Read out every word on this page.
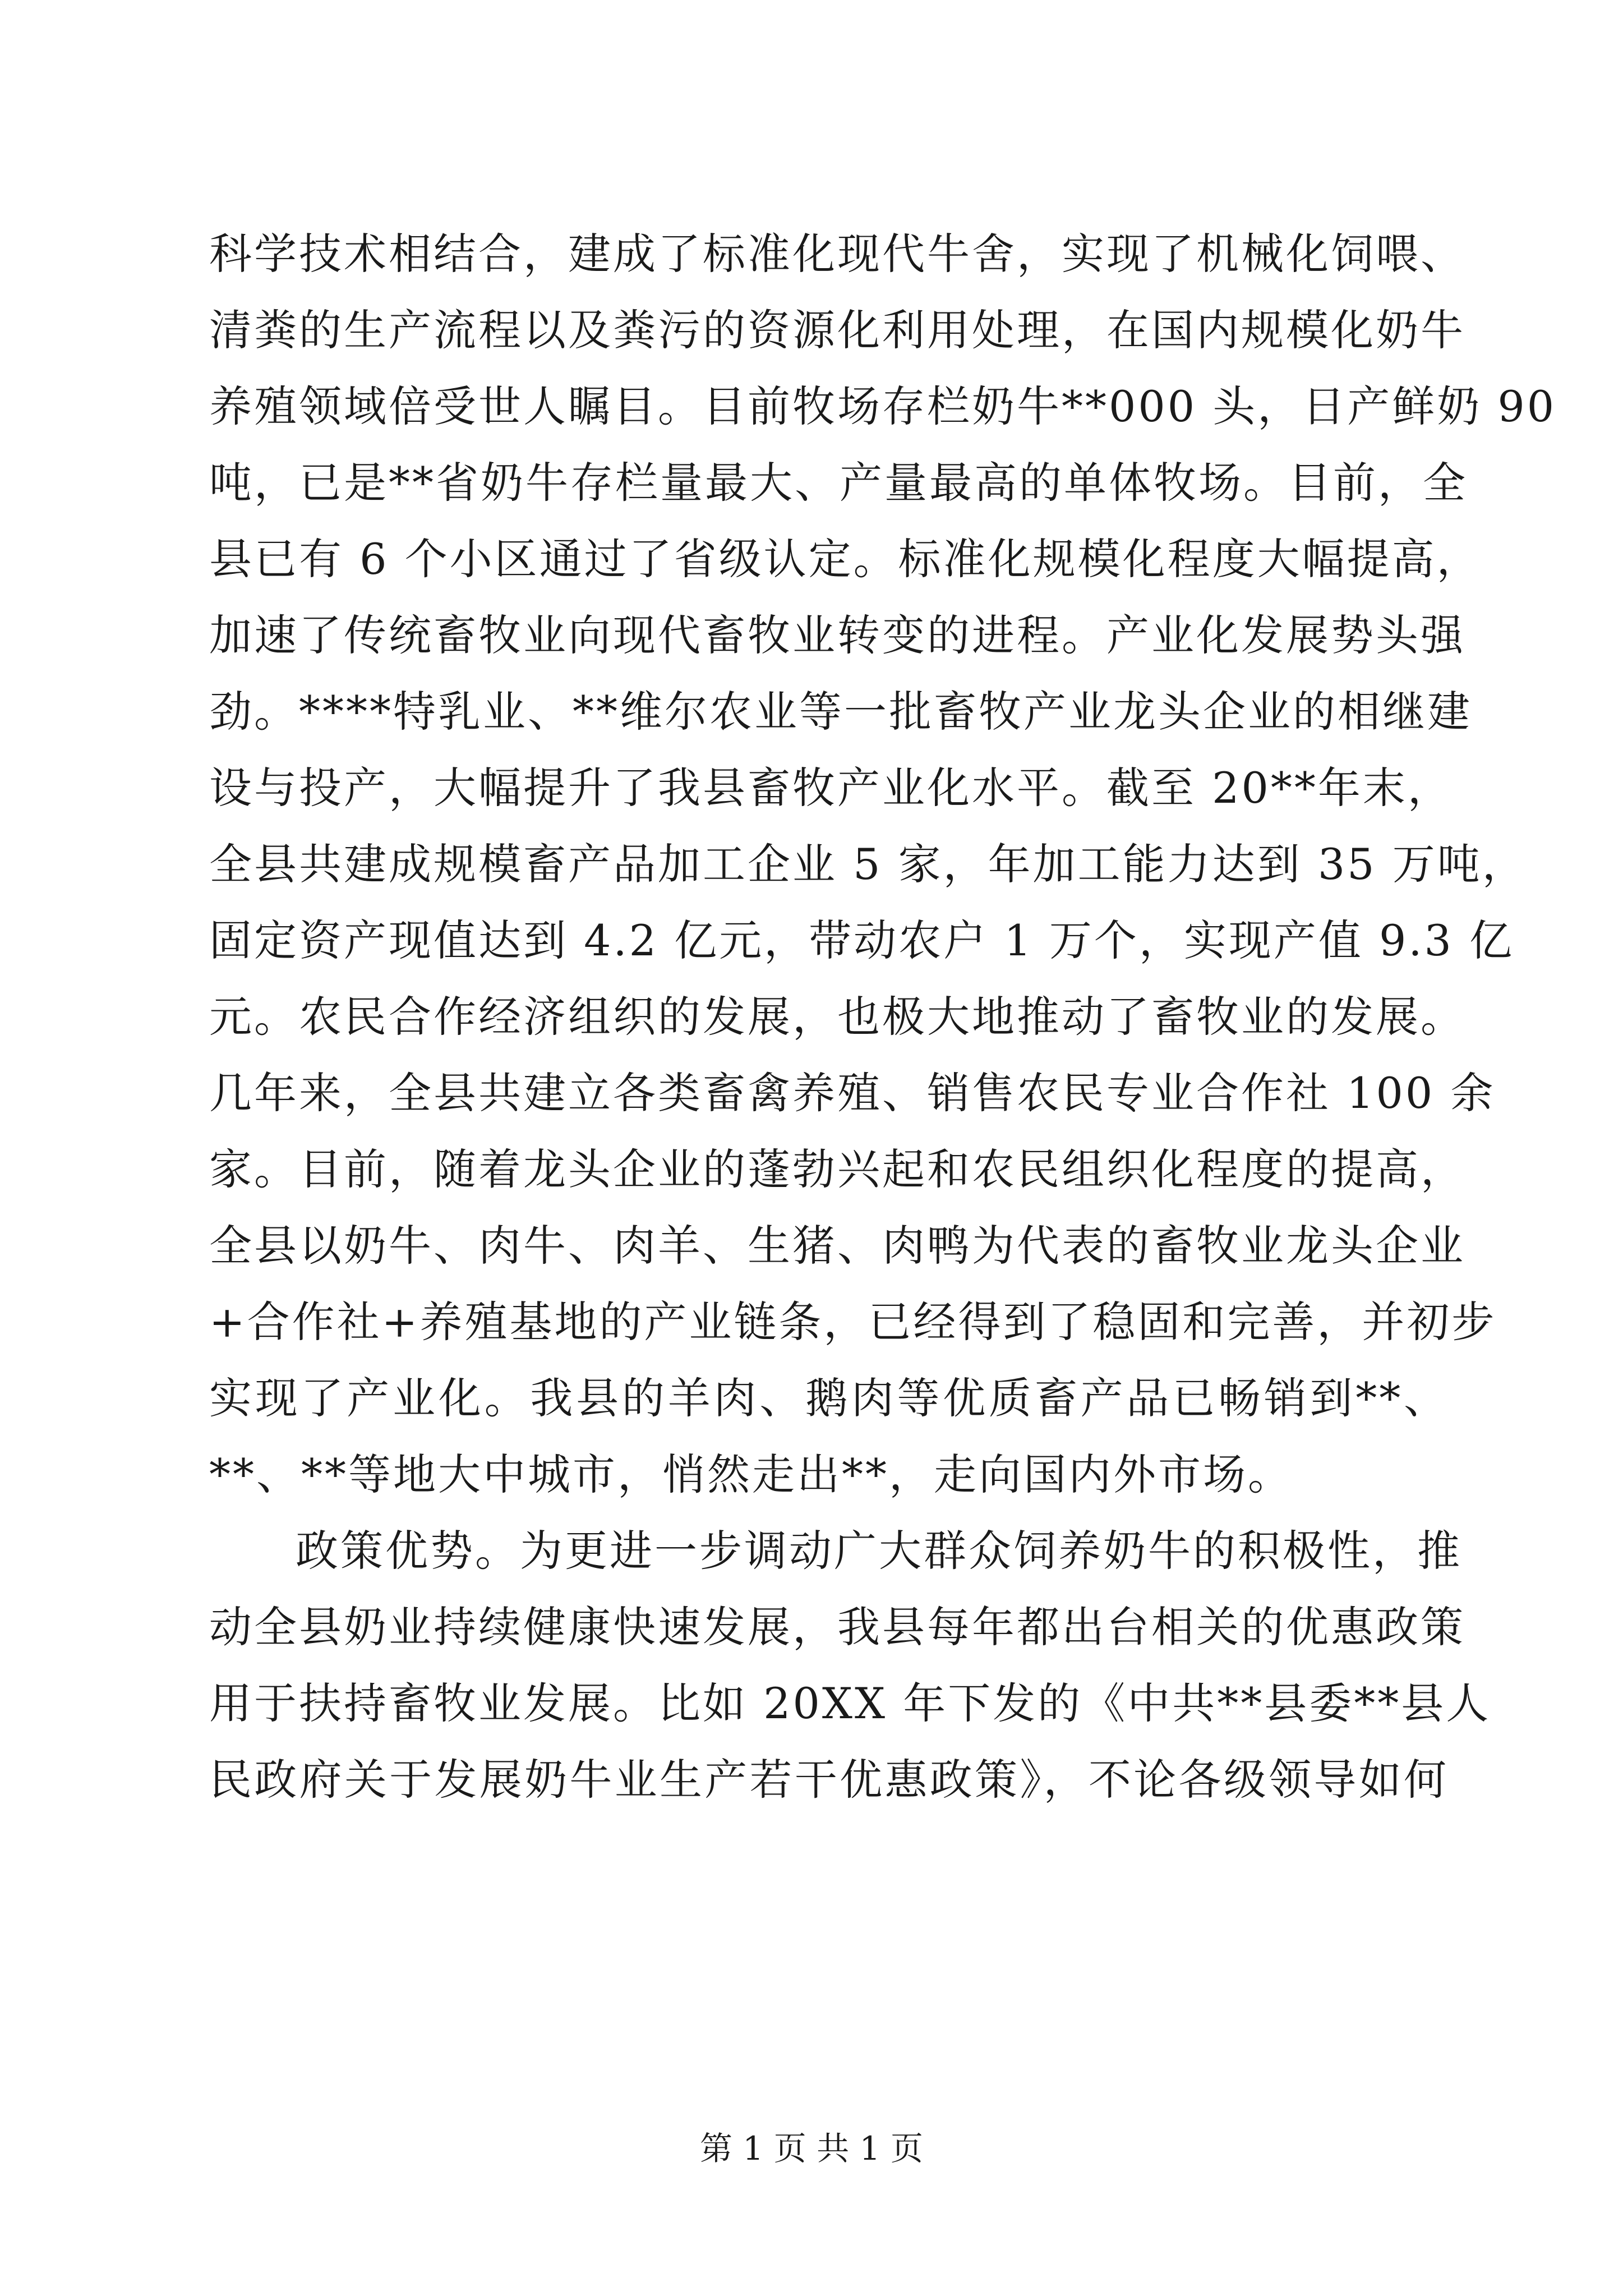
科学技术相结合，建成了标准化现代牛舍，实现了机械化饲喂、
清粪的生产流程以及粪污的资源化利用处理，在国内规模化奶牛
养殖领域倍受世人瞩目。目前牧场存栏奶牛**000 头，日产鲜奶 90
吨，已是**省奶牛存栏量最大、产量最高的单体牧场。目前，全
县已有 6 个小区通过了省级认定。标准化规模化程度大幅提高，
加速了传统畜牧业向现代畜牧业转变的进程。产业化发展势头强
劲。****特乳业、**维尔农业等一批畜牧产业龙头企业的相继建
设与投产，大幅提升了我县畜牧产业化水平。截至 20**年末，
全县共建成规模畜产品加工企业 5 家，年加工能力达到 35 万吨，
固定资产现值达到 4.2 亿元，带动农户 1 万个，实现产值 9.3 亿
元。农民合作经济组织的发展，也极大地推动了畜牧业的发展。
几年来，全县共建立各类畜禽养殖、销售农民专业合作社 100 余
家。目前，随着龙头企业的蓬勃兴起和农民组织化程度的提高，
全县以奶牛、肉牛、肉羊、生猪、肉鸭为代表的畜牧业龙头企业
+合作社+养殖基地的产业链条，已经得到了稳固和完善，并初步
实现了产业化。我县的羊肉、鹅肉等优质畜产品已畅销到**、
**、**等地大中城市，悄然走出**，走向国内外市场。
政策优势。为更进一步调动广大群众饲养奶牛的积极性，推
动全县奶业持续健康快速发展，我县每年都出台相关的优惠政策
用于扶持畜牧业发展。比如 20XX 年下发的《中共**县委**县人
民政府关于发展奶牛业生产若干优惠政策》，不论各级领导如何
第 1 页 共 1 页
